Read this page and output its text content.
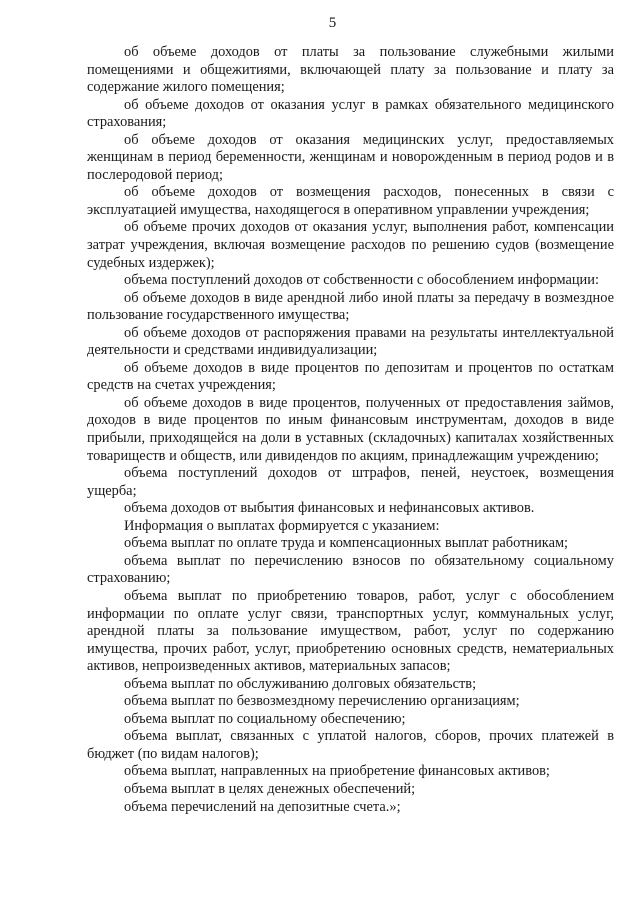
5

об объеме доходов от платы за пользование служебными жилыми помещениями и общежитиями, включающей плату за пользование и плату за содержание жилого помещения;

об объеме доходов от оказания услуг в рамках обязательного медицинского страхования;

об объеме доходов от оказания медицинских услуг, предоставляемых женщинам в период беременности, женщинам и новорожденным в период родов и в послеродовой период;

об объеме доходов от возмещения расходов, понесенных в связи с эксплуатацией имущества, находящегося в оперативном управлении учреждения;

об объеме прочих доходов от оказания услуг, выполнения работ, компенсации затрат учреждения, включая возмещение расходов по решению судов (возмещение судебных издержек);

объема поступлений доходов от собственности с обособлением информации:

об объеме доходов в виде арендной либо иной платы за передачу в возмездное пользование государственного имущества;

об объеме доходов от распоряжения правами на результаты интеллектуальной деятельности и средствами индивидуализации;

об объеме доходов в виде процентов по депозитам и процентов по остаткам средств на счетах учреждения;

об объеме доходов в виде процентов, полученных от предоставления займов, доходов в виде процентов по иным финансовым инструментам, доходов в виде прибыли, приходящейся на доли в уставных (складочных) капиталах хозяйственных товариществ и обществ, или дивидендов по акциям, принадлежащим учреждению;

объема поступлений доходов от штрафов, пеней, неустоек, возмещения ущерба;

объема доходов от выбытия финансовых и нефинансовых активов.

Информация о выплатах формируется с указанием:

объема выплат по оплате труда и компенсационных выплат работникам;

объема выплат по перечислению взносов по обязательному социальному страхованию;

объема выплат по приобретению товаров, работ, услуг с обособлением информации по оплате услуг связи, транспортных услуг, коммунальных услуг, арендной платы за пользование имуществом, работ, услуг по содержанию имущества, прочих работ, услуг, приобретению основных средств, нематериальных активов, непроизведенных активов, материальных запасов;

объема выплат по обслуживанию долговых обязательств;

объема выплат по безвозмездному перечислению организациям;

объема выплат по социальному обеспечению;

объема выплат, связанных с уплатой налогов, сборов, прочих платежей в бюджет (по видам налогов);

объема выплат, направленных на приобретение финансовых активов;

объема выплат в целях денежных обеспечений;

объема перечислений на депозитные счета.»;
